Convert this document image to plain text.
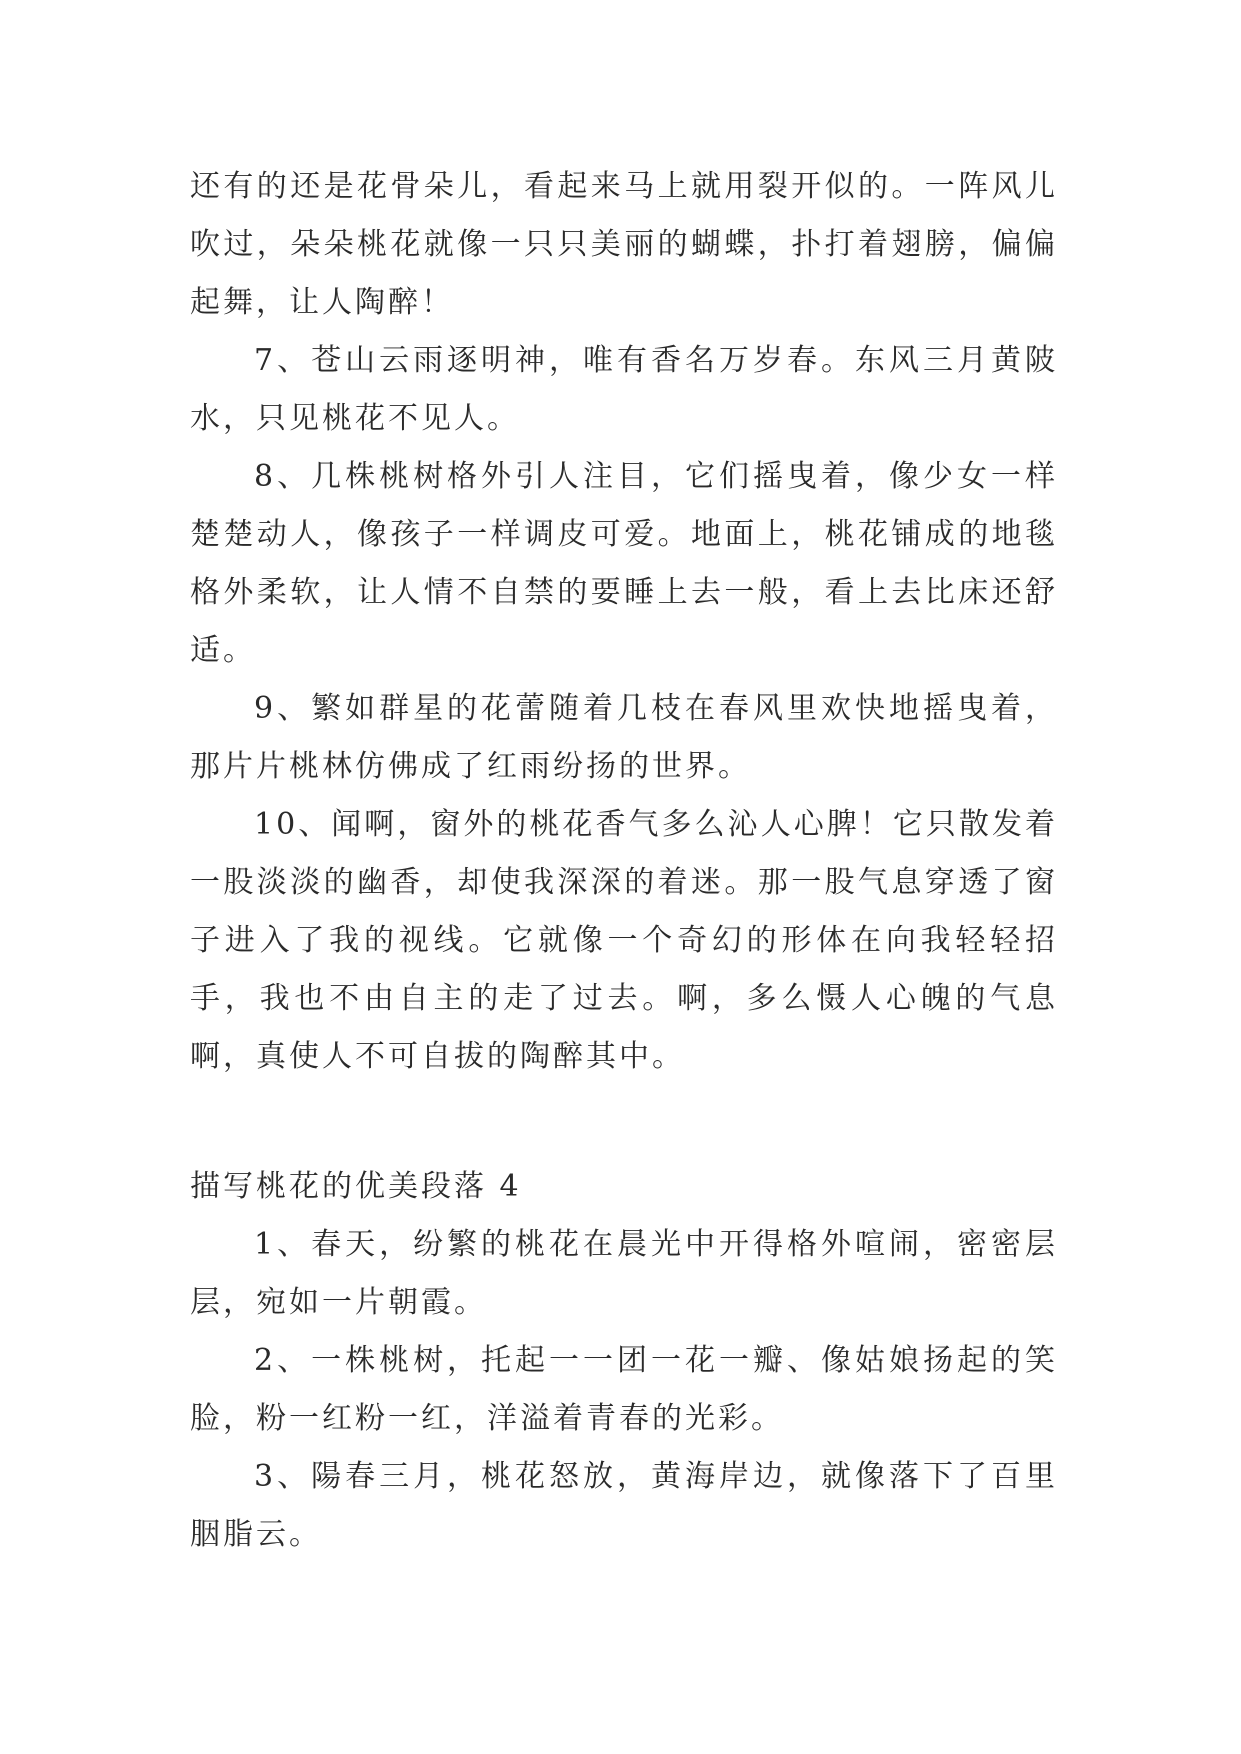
还有的还是花骨朵儿，看起来马上就用裂开似的。一阵风儿吹过，朵朵桃花就像一只只美丽的蝴蝶，扑打着翅膀，偏偏起舞，让人陶醉！

7、苍山云雨逐明神，唯有香名万岁春。东风三月黄陂水，只见桃花不见人。

8、几株桃树格外引人注目，它们摇曳着，像少女一样楚楚动人，像孩子一样调皮可爱。地面上，桃花铺成的地毯格外柔软，让人情不自禁的要睡上去一般，看上去比床还舒适。

9、繁如群星的花蕾随着几枝在春风里欢快地摇曳着，那片片桃林仿佛成了红雨纷扬的世界。

10、闻啊，窗外的桃花香气多么沁人心脾！它只散发着一股淡淡的幽香，却使我深深的着迷。那一股气息穿透了窗子进入了我的视线。它就像一个奇幻的形体在向我轻轻招手，我也不由自主的走了过去。啊，多么慑人心魄的气息啊，真使人不可自拔的陶醉其中。

描写桃花的优美段落 4

1、春天，纷繁的桃花在晨光中开得格外喧闹，密密层层，宛如一片朝霞。

2、一株桃树，托起一一团一花一瓣、像姑娘扬起的笑脸，粉一红粉一红，洋溢着青春的光彩。

3、陽春三月，桃花怒放，黄海岸边，就像落下了百里胭脂云。
